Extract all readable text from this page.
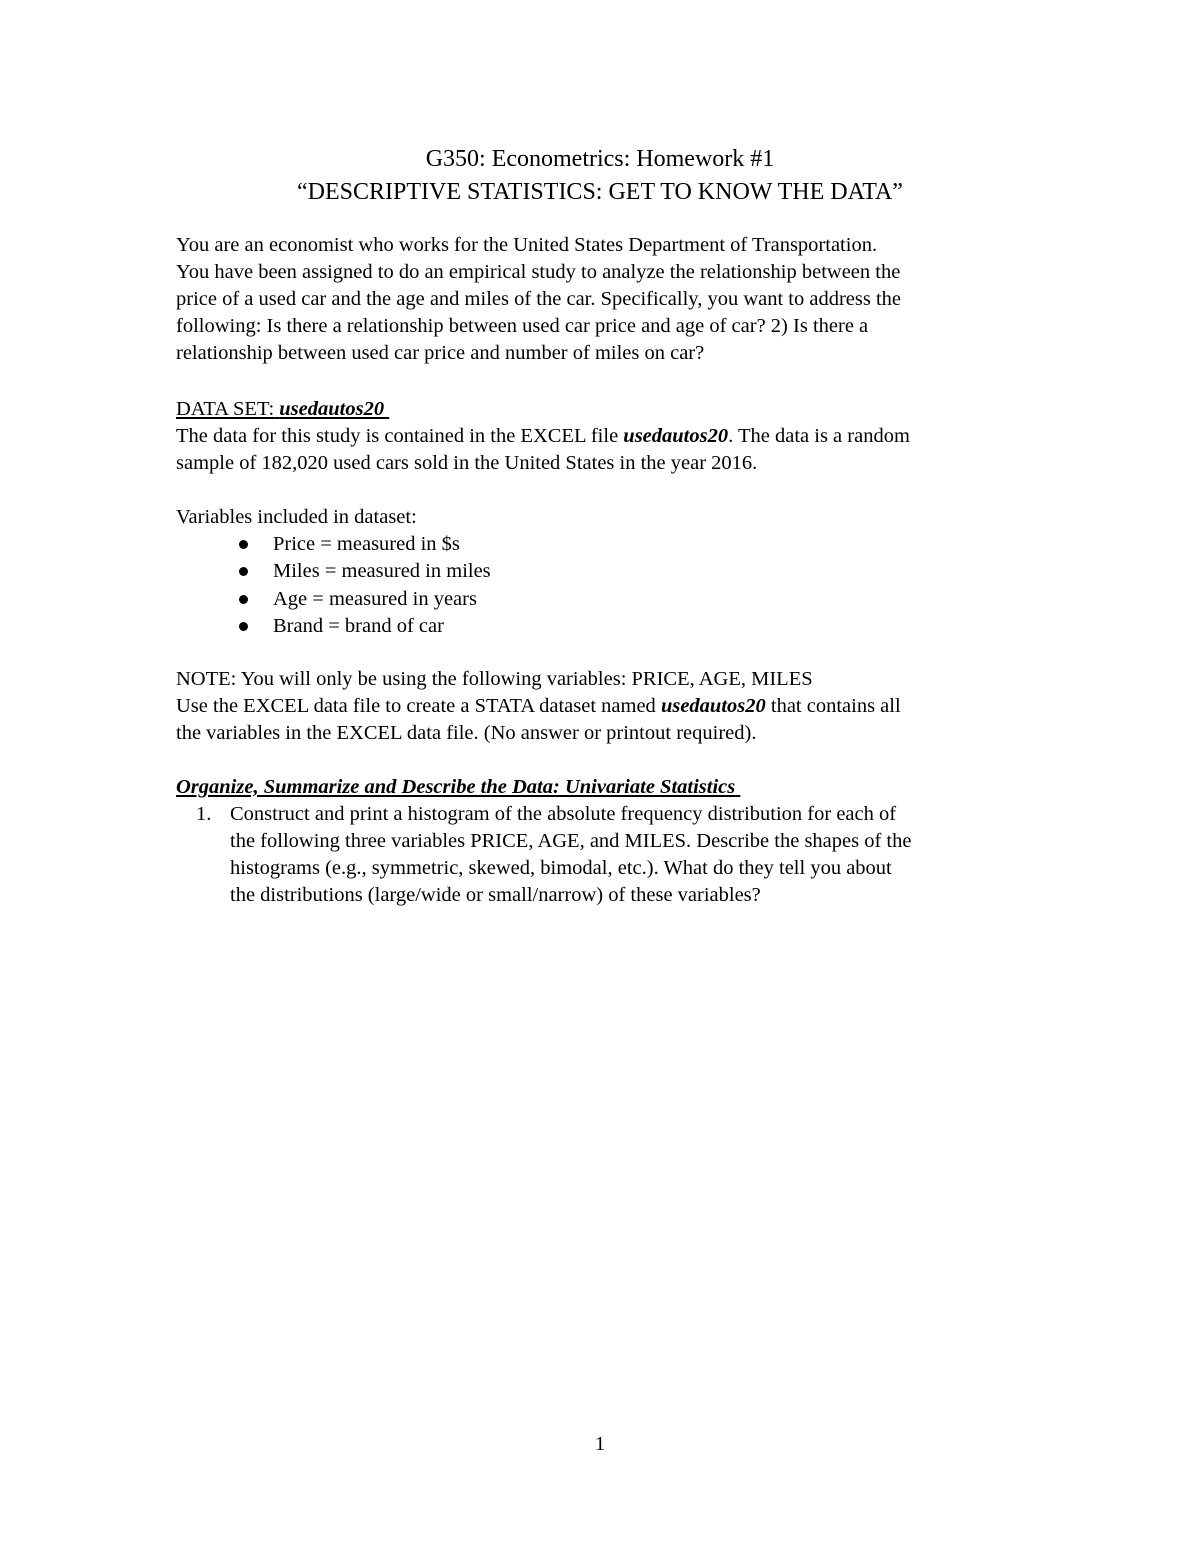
G350: Econometrics: Homework #1
“DESCRIPTIVE STATISTICS: GET TO KNOW THE DATA”
You are an economist who works for the United States Department of Transportation.
You have been assigned to do an empirical study to analyze the relationship between the
price of a used car and the age and miles of the car. Specifically, you want to address the
following: Is there a relationship between used car price and age of car? 2) Is there a
relationship between used car price and number of miles on car?
DATA SET: usedautos20
The data for this study is contained in the EXCEL file usedautos20. The data is a random
sample of 182,020 used cars sold in the United States in the year 2016.
Variables included in dataset:
Price = measured in $s
Miles = measured in miles
Age = measured in years
Brand = brand of car
NOTE: You will only be using the following variables: PRICE, AGE, MILES
Use the EXCEL data file to create a STATA dataset named usedautos20 that contains all
the variables in the EXCEL data file. (No answer or printout required).
Organize, Summarize and Describe the Data: Univariate Statistics
1. Construct and print a histogram of the absolute frequency distribution for each of
the following three variables PRICE, AGE, and MILES. Describe the shapes of the
histograms (e.g., symmetric, skewed, bimodal, etc.). What do they tell you about
the distributions (large/wide or small/narrow) of these variables?
1
